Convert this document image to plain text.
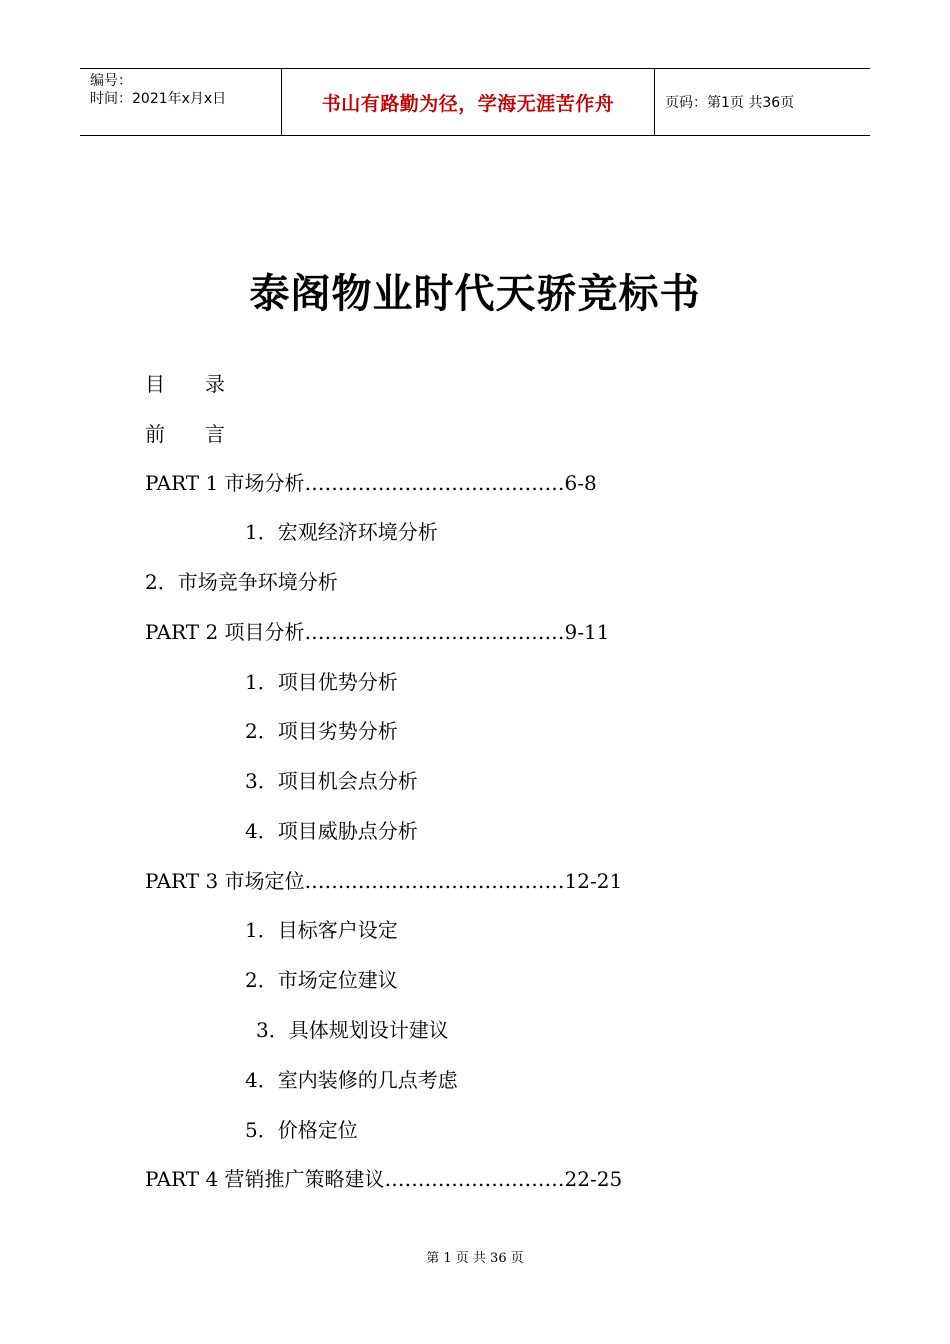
编号：
时间：2021年x月x日	书山有路勤为径，学海无涯苦作舟	页码：第1页 共36页
泰阁物业时代天骄竞标书
目　　录
前　　言
PART 1 市场分析…………………………………6-8
1．宏观经济环境分析
2．市场竞争环境分析
PART 2 项目分析…………………………………9-11
1．项目优势分析
2．项目劣势分析
3．项目机会点分析
4．项目威胁点分析
PART 3 市场定位…………………………………12-21
1．目标客户设定
2．市场定位建议
3．具体规划设计建议
4．室内装修的几点考虑
5．价格定位
PART 4 营销推广策略建议………………………22-25
第 1 页 共 36 页
